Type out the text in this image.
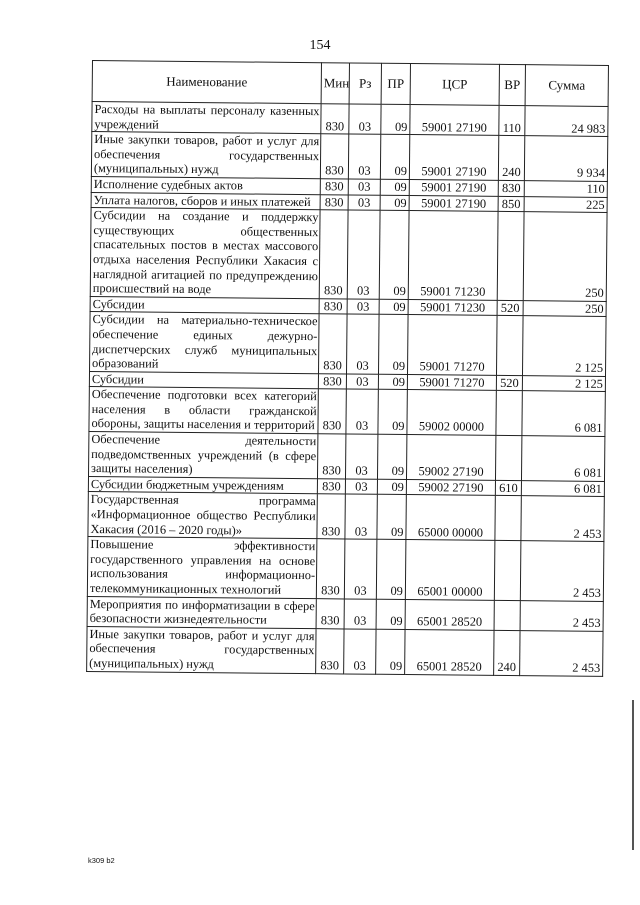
154
Наименование	Мин	Рз	ПР	ЦСР	ВР	Сумма
Расходы на выплаты персоналу казенных учреждений	830	03	09	59001 27190	110	24 983
Иные закупки товаров, работ и услуг для обеспечения государственных (муниципальных) нужд	830	03	09	59001 27190	240	9 934
Исполнение судебных актов	830	03	09	59001 27190	830	110
Уплата налогов, сборов и иных платежей	830	03	09	59001 27190	850	225
Субсидии на создание и поддержку существующих общественных спасательных постов в местах массового отдыха населения Республики Хакасия с наглядной агитацией по предупреждению происшествий на воде	830	03	09	59001 71230		250
Субсидии	830	03	09	59001 71230	520	250
Субсидии на материально-техническое обеспечение единых дежурно-диспетчерских служб муниципальных образований	830	03	09	59001 71270		2 125
Субсидии	830	03	09	59001 71270	520	2 125
Обеспечение подготовки всех категорий населения в области гражданской обороны, защиты населения и территорий	830	03	09	59002 00000		6 081
Обеспечение деятельности подведомственных учреждений (в сфере защиты населения)	830	03	09	59002 27190		6 081
Субсидии бюджетным учреждениям	830	03	09	59002 27190	610	6 081
Государственная программа «Информационное общество Республики Хакасия (2016 – 2020 годы)»	830	03	09	65000 00000		2 453
Повышение эффективности государственного управления на основе использования информационно-телекоммуникационных технологий	830	03	09	65001 00000		2 453
Мероприятия по информатизации в сфере безопасности жизнедеятельности	830	03	09	65001 28520		2 453
Иные закупки товаров, работ и услуг для обеспечения государственных (муниципальных) нужд	830	03	09	65001 28520	240	2 453
k309 b2
